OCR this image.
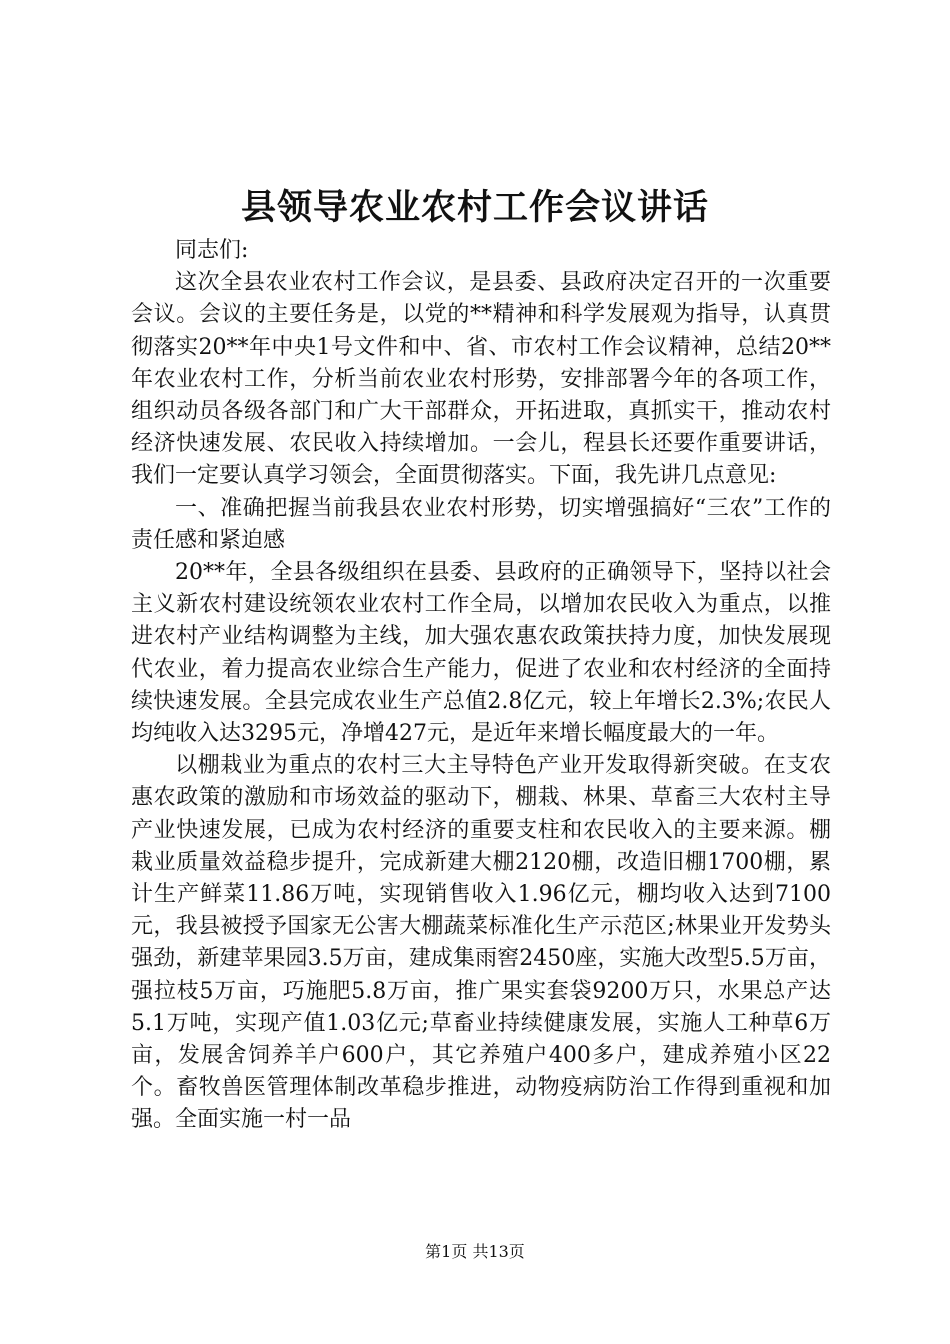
县领导农业农村工作会议讲话
同志们:

这次全县农业农村工作会议，是县委、县政府决定召开的一次重要会议。会议的主要任务是，以党的**精神和科学发展观为指导，认真贯彻落实20**年中央1号文件和中、省、市农村工作会议精神，总结20**年农业农村工作，分析当前农业农村形势，安排部署今年的各项工作，组织动员各级各部门和广大干部群众，开拓进取，真抓实干，推动农村经济快速发展、农民收入持续增加。一会儿，程县长还要作重要讲话，我们一定要认真学习领会，全面贯彻落实。下面，我先讲几点意见:

一、准确把握当前我县农业农村形势，切实增强搞好“三农”工作的责任感和紧迫感

20**年，全县各级组织在县委、县政府的正确领导下，坚持以社会主义新农村建设统领农业农村工作全局，以增加农民收入为重点，以推进农村产业结构调整为主线，加大强农惠农政策扶持力度，加快发展现代农业，着力提高农业综合生产能力，促进了农业和农村经济的全面持续快速发展。全县完成农业生产总值2.8亿元，较上年增长2.3%;农民人均纯收入达3295元，净增427元，是近年来增长幅度最大的一年。

以棚栽业为重点的农村三大主导特色产业开发取得新突破。在支农惠农政策的激励和市场效益的驱动下，棚栽、林果、草畜三大农村主导产业快速发展，已成为农村经济的重要支柱和农民收入的主要来源。棚栽业质量效益稳步提升，完成新建大棚2120棚，改造旧棚1700棚，累计生产鲜菜11.86万吨，实现销售收入1.96亿元，棚均收入达到7100元，我县被授予国家无公害大棚蔬菜标准化生产示范区;林果业开发势头强劲，新建苹果园3.5万亩，建成集雨窖2450座，实施大改型5.5万亩，强拉枝5万亩，巧施肥5.8万亩，推广果实套袋9200万只，水果总产达5.1万吨，实现产值1.03亿元;草畜业持续健康发展，实施人工种草6万亩，发展舍饲养羊户600户，其它养殖户400多户，建成养殖小区22个。畜牧兽医管理体制改革稳步推进，动物疫病防治工作得到重视和加强。全面实施一村一品

第1页 共13页
